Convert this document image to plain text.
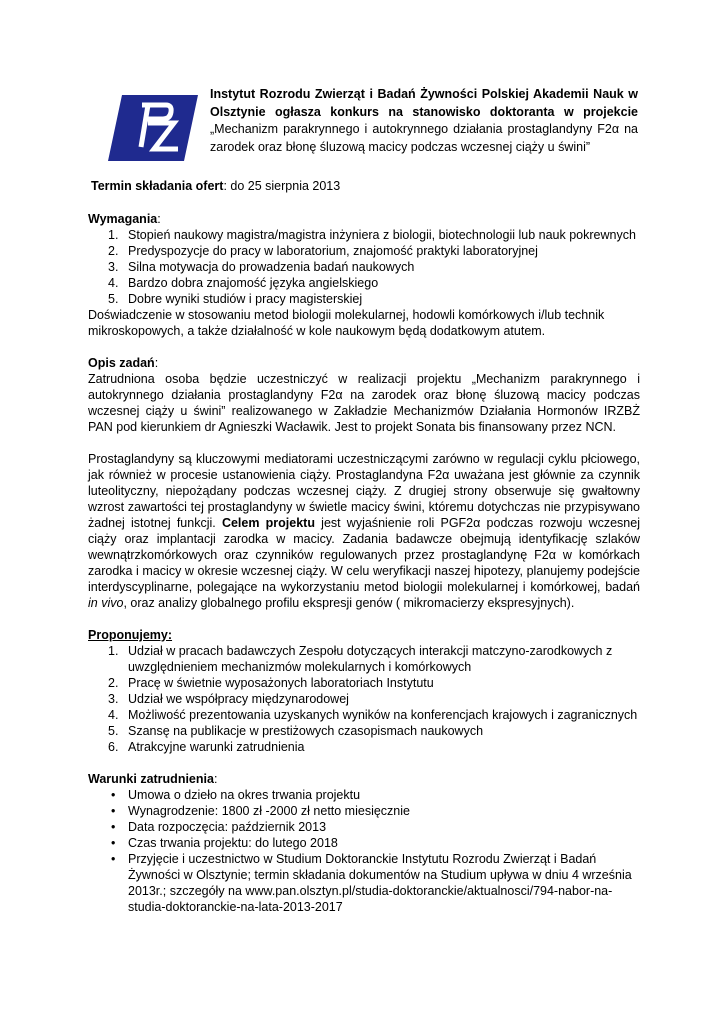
Instytut Rozrodu Zwierząt i Badań Żywności Polskiej Akademii Nauk w Olsztynie ogłasza konkurs na stanowisko doktoranta w projekcie „Mechanizm parakrynnego i autokrynnego działania prostaglandyny F2α na zarodek oraz błonę śluzową macicy podczas wczesnej ciąży u świni”
Termin składania ofert: do 25 sierpnia 2013
Wymagania:
1. Stopień naukowy magistra/magistra inżyniera z biologii, biotechnologii lub nauk pokrewnych
2. Predyspozycje do pracy w laboratorium, znajomość praktyki laboratoryjnej
3. Silna motywacja do prowadzenia badań naukowych
4. Bardzo dobra znajomość języka angielskiego
5. Dobre wyniki studiów i pracy magisterskiej

Doświadczenie w stosowaniu metod biologii molekularnej, hodowli komórkowych i/lub technik mikroskopowych, a także działalność w kole naukowym będą dodatkowym atutem.

Opis zadań:

Zatrudniona osoba będzie uczestniczyć w realizacji projektu „Mechanizm parakrynnego i autokrynnego działania prostaglandyny F2α na zarodek oraz błonę śluzową macicy podczas wczesnej ciąży u świni” realizowanego w Zakładzie Mechanizmów Działania Hormonów IRZBŻ PAN pod kierunkiem dr Agnieszki Wacławik. Jest to projekt Sonata bis finansowany przez NCN.

Prostaglandyny są kluczowymi mediatorami uczestniczącymi zarówno w regulacji cyklu płciowego, jak również w procesie ustanowienia ciąży. Prostaglandyna F2α uważana jest głównie za czynnik luteolityczny, niepożądany podczas wczesnej ciąży. Z drugiej strony obserwuje się gwałtowny wzrost zawartości tej prostaglandyny w świetle macicy świni, któremu dotychczas nie przypisywano żadnej istotnej funkcji. Celem projektu jest wyjaśnienie roli PGF2α podczas rozwoju wczesnej ciąży oraz implantacji zarodka w macicy. Zadania badawcze obejmują identyfikację szlaków wewnątrzkomórkowych oraz czynników regulowanych przez prostaglandynę F2α w komórkach zarodka i macicy w okresie wczesnej ciąży. W celu weryfikacji naszej hipotezy, planujemy podejście interdyscyplinarne, polegające na wykorzystaniu metod biologii molekularnej i komórkowej, badań in vivo, oraz analizy globalnego profilu ekspresji genów ( mikromacierzy ekspresyjnych).

Proponujemy:
1. Udział w pracach badawczych Zespołu dotyczących interakcji matczyno-zarodkowych z uwzględnieniem mechanizmów molekularnych i komórkowych
2. Pracę w świetnie wyposażonych laboratoriach Instytutu
3. Udział we współpracy międzynarodowej
4. Możliwość prezentowania uzyskanych wyników na konferencjach krajowych i zagranicznych
5. Szansę na publikacje w prestiżowych czasopismach naukowych
6. Atrakcyjne warunki zatrudnienia
Warunki zatrudnienia:
• Umowa o dzieło na okres trwania projektu
• Wynagrodzenie: 1800 zł -2000 zł netto miesięcznie
• Data rozpoczęcia: październik 2013
• Czas trwania projektu: do lutego 2018
• Przyjęcie i uczestnictwo w Studium Doktoranckie Instytutu Rozrodu Zwierząt i Badań Żywności w Olsztynie; termin składania dokumentów na Studium upływa w dniu 4 września 2013r.; szczegóły na www.pan.olsztyn.pl/studia-doktoranckie/aktualnosci/794-nabor-na-studia-doktoranckie-na-lata-2013-2017
